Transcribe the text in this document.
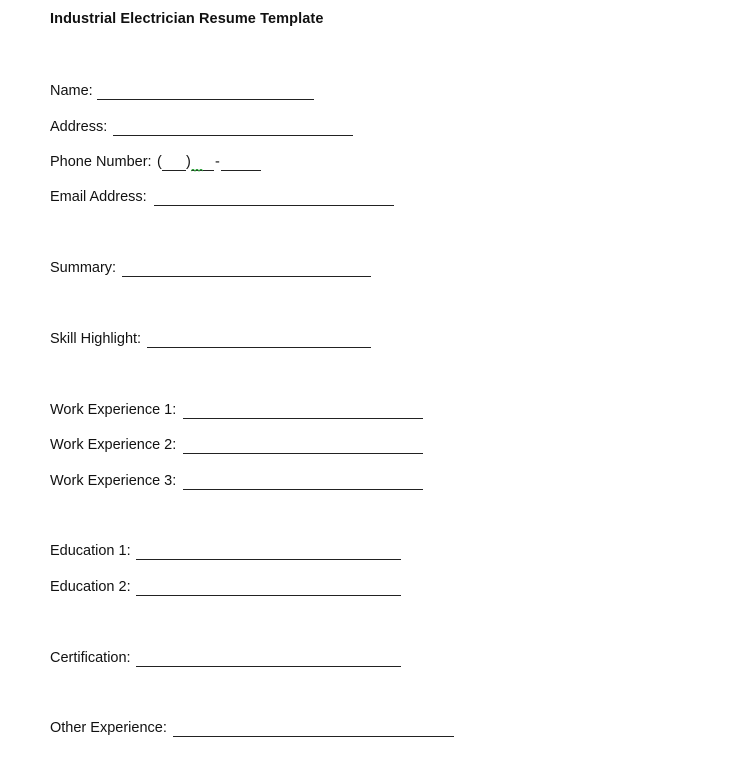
Industrial Electrician Resume Template
Name:
Address:
Phone Number: ( ) -
Email Address:
Summary:
Skill Highlight:
Work Experience 1:
Work Experience 2:
Work Experience 3:
Education 1:
Education 2:
Certification:
Other Experience:
